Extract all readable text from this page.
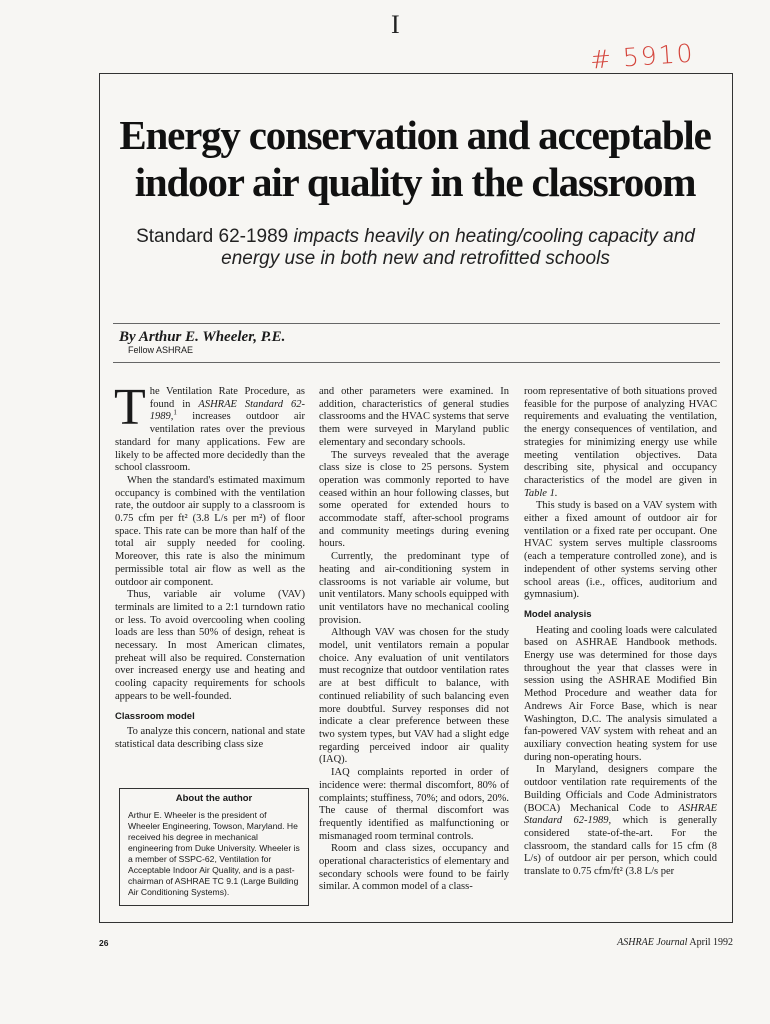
I
# 5910
Energy conservation and acceptable
indoor air quality in the classroom

Standard 62-1989 impacts heavily on heating/cooling capacity and energy use in both new and retrofitted schools

By Arthur E. Wheeler, P.E.

Fellow ASHRAE

The Ventilation Rate Procedure, as found in ASHRAE Standard 62-1989,$^1$ increases outdoor air ventilation rates over the previous standard for many applications. Few are likely to be affected more decidedly than the school classroom.

When the standard's estimated maximum occupancy is combined with the ventilation rate, the outdoor air supply to a classroom is 0.75 cfm per ft² (3.8 L/s per m²) of floor space. This rate can be more than half of the total air supply needed for cooling. Moreover, this rate is also the minimum permissible total air flow as well as the outdoor air component.

Thus, variable air volume (VAV) terminals are limited to a 2:1 turndown ratio or less. To avoid overcooling when cooling loads are less than 50% of design, reheat is necessary. In most American climates, preheat will also be required. Consternation over increased energy use and heating and cooling capacity requirements for schools appears to be well-founded.

Classroom model

To analyze this concern, national and state statistical data describing class size

About the author

Arthur E. Wheeler is the president of Wheeler Engineering, Towson, Maryland. He received his degree in mechanical engineering from Duke University. Wheeler is a member of SSPC-62, Ventilation for Acceptable Indoor Air Quality, and is a past-chairman of ASHRAE TC 9.1 (Large Building Air Conditioning Systems).

and other parameters were examined. In addition, characteristics of general studies classrooms and the HVAC systems that serve them were surveyed in Maryland public elementary and secondary schools.

The surveys revealed that the average class size is close to 25 persons. System operation was commonly reported to have ceased within an hour following classes, but some operated for extended hours to accommodate staff, after-school programs and community meetings during evening hours.

Currently, the predominant type of heating and air-conditioning system in classrooms is not variable air volume, but unit ventilators. Many schools equipped with unit ventilators have no mechanical cooling provision.

Although VAV was chosen for the study model, unit ventilators remain a popular choice. Any evaluation of unit ventilators must recognize that outdoor ventilation rates are at best difficult to balance, with continued reliability of such balancing even more doubtful. Survey responses did not indicate a clear preference between these two system types, but VAV had a slight edge regarding perceived indoor air quality (IAQ).

IAQ complaints reported in order of incidence were: thermal discomfort, 80% of complaints; stuffiness, 70%; and odors, 20%. The cause of thermal discomfort was frequently identified as malfunctioning or mismanaged room terminal controls.

Room and class sizes, occupancy and operational characteristics of elementary and secondary schools were found to be fairly similar. A common model of a class-

room representative of both situations proved feasible for the purpose of analyzing HVAC requirements and evaluating the ventilation, the energy consequences of ventilation, and strategies for minimizing energy use while meeting ventilation objectives. Data describing site, physical and occupancy characteristics of the model are given in Table 1.

This study is based on a VAV system with either a fixed amount of outdoor air for ventilation or a fixed rate per occupant. One HVAC system serves multiple classrooms (each a temperature controlled zone), and is independent of other systems serving other school areas (i.e., offices, auditorium and gymnasium).

Model analysis

Heating and cooling loads were calculated based on ASHRAE Handbook methods. Energy use was determined for those days throughout the year that classes were in session using the ASHRAE Modified Bin Method Procedure and weather data for Andrews Air Force Base, which is near Washington, D.C. The analysis simulated a fan-powered VAV system with reheat and an auxiliary convection heating system for use during non-operating hours.

In Maryland, designers compare the outdoor ventilation rate requirements of the Building Officials and Code Administrators (BOCA) Mechanical Code to ASHRAE Standard 62-1989, which is generally considered state-of-the-art. For the classroom, the standard calls for 15 cfm (8 L/s) of outdoor air per person, which could translate to 0.75 cfm/ft² (3.8 L/s per

26	ASHRAE Journal April 1992
